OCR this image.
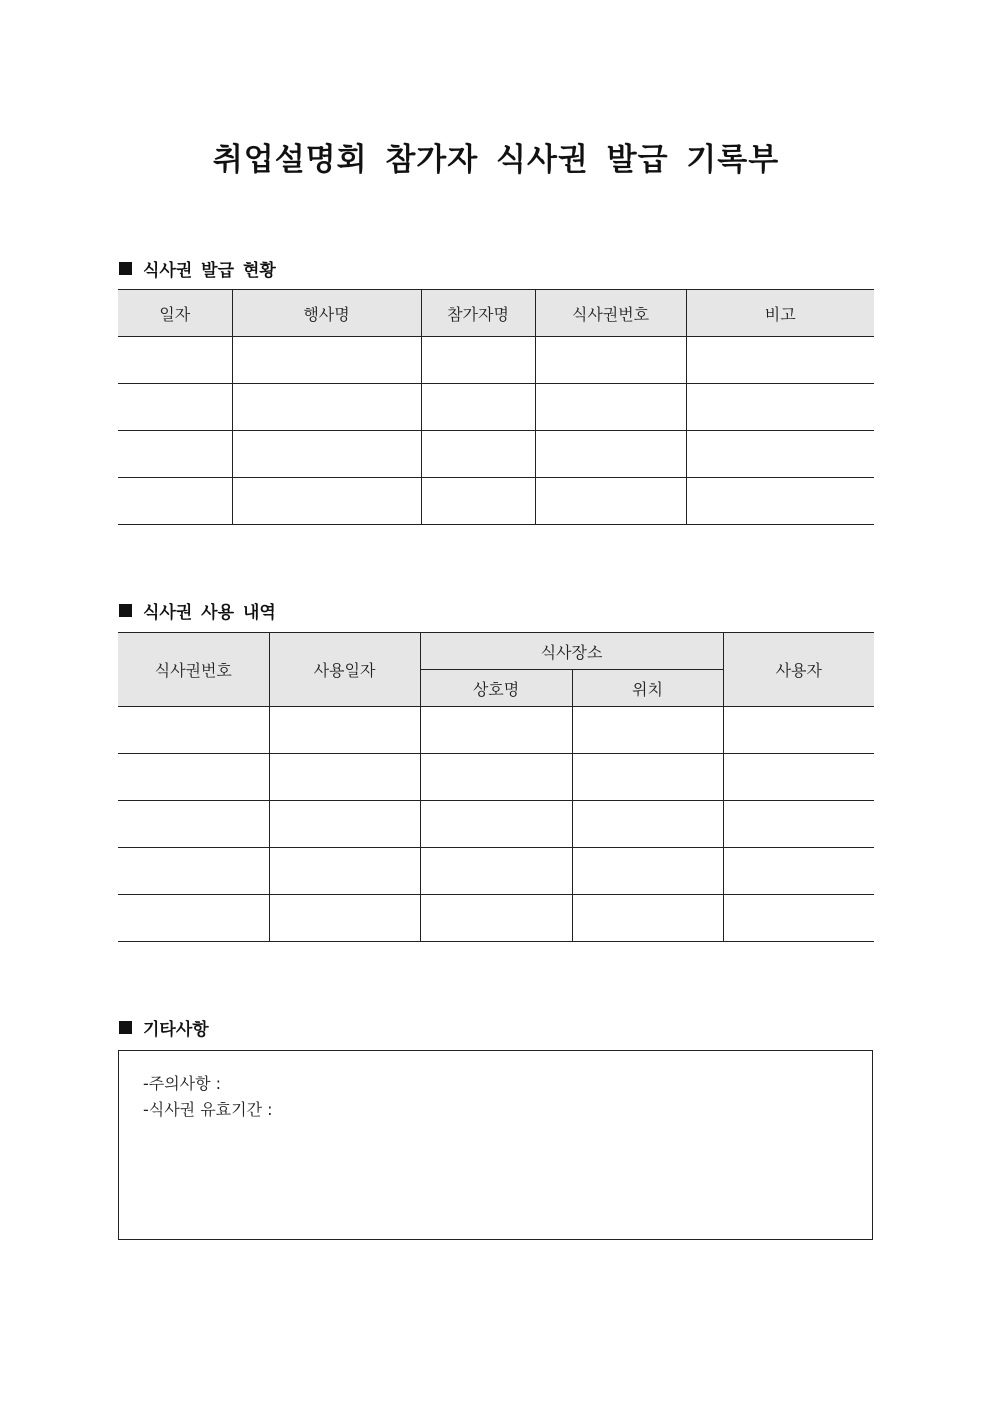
취업설명회 참가자 식사권 발급 기록부
식사권 발급 현황
일자	행사명	참가자명	식사권번호	비고

식사권 사용 내역
식사권번호	사용일자	식사장소		사용자
		상호명	위치	

기타사항
-주의사항 :
-식사권 유효기간 :
